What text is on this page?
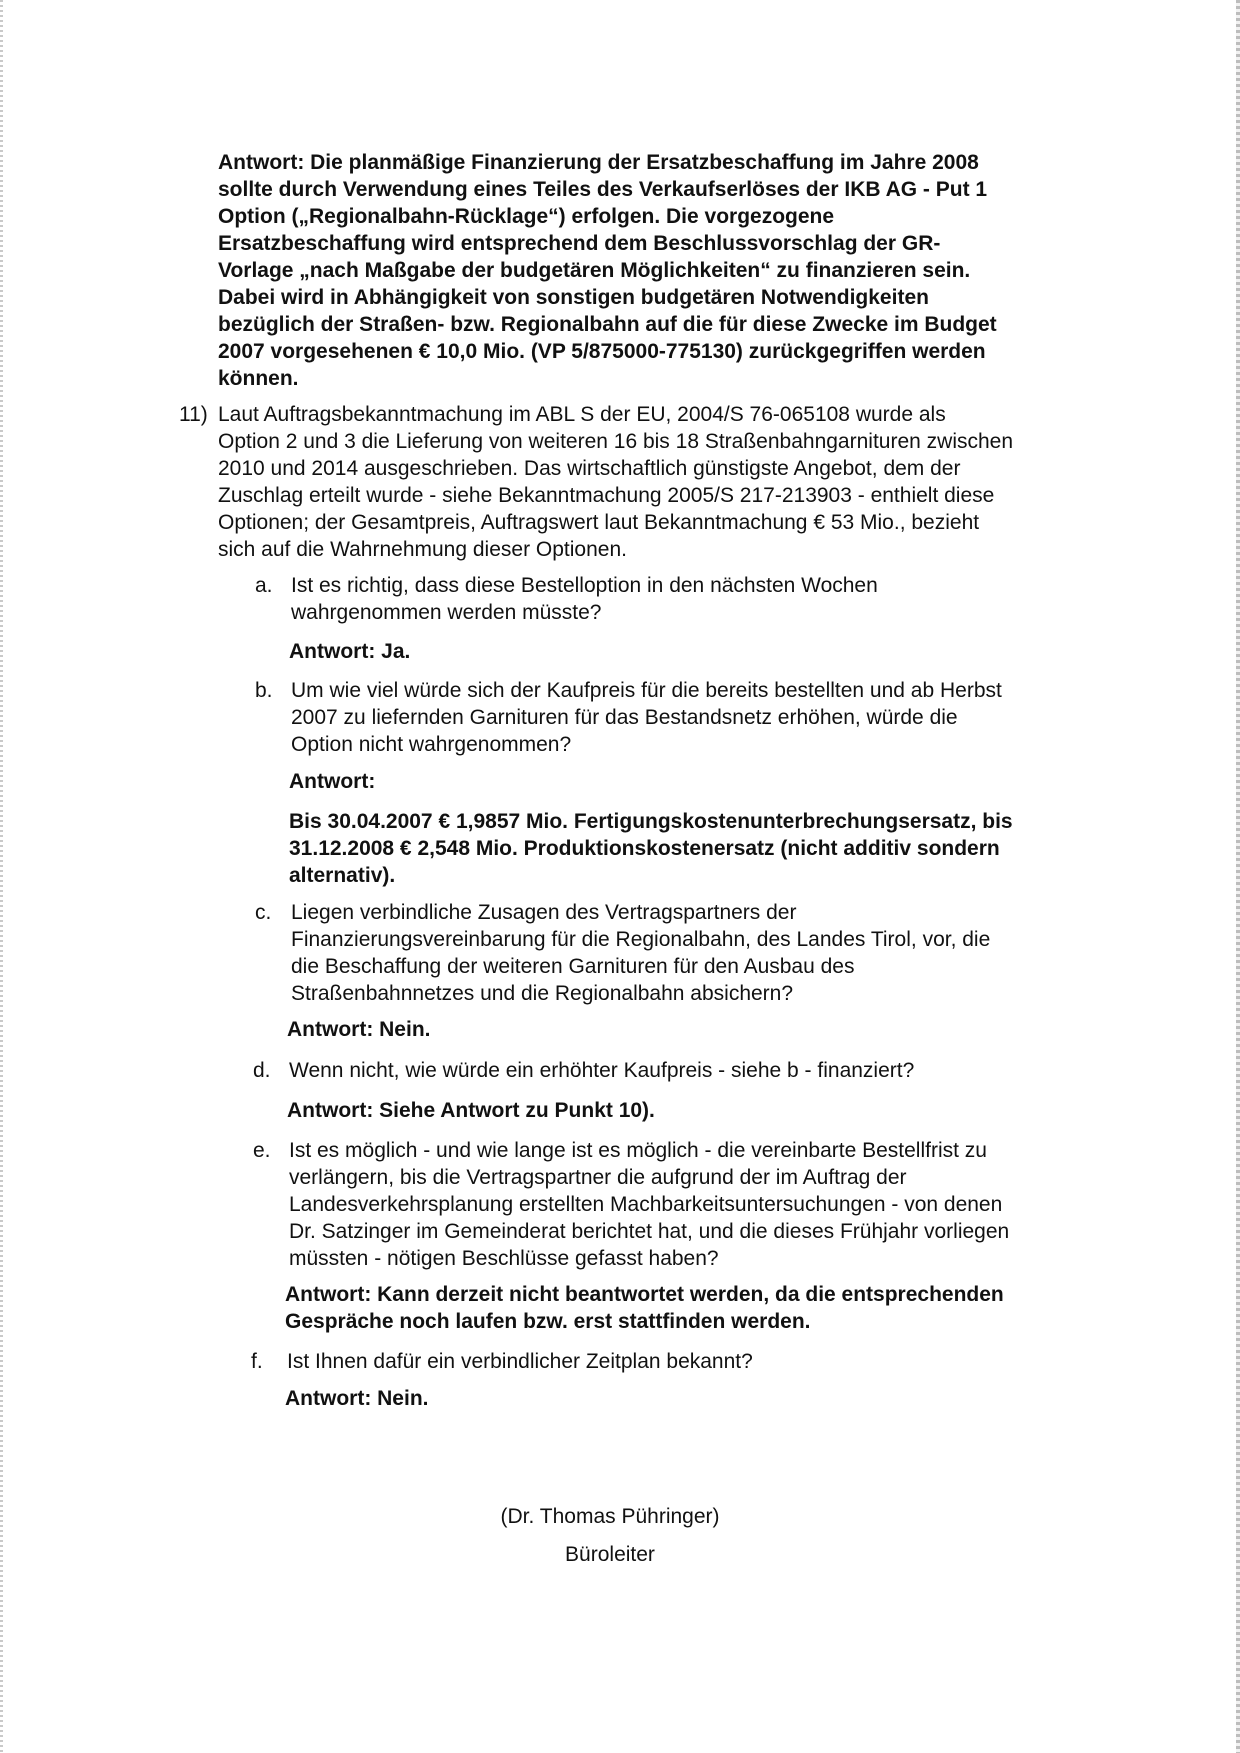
Antwort: Die planmäßige Finanzierung der Ersatzbeschaffung im Jahre 2008
sollte durch Verwendung eines Teiles des Verkaufserlöses der IKB AG - Put 1
Option („Regionalbahn-Rücklage“) erfolgen. Die vorgezogene
Ersatzbeschaffung wird entsprechend dem Beschlussvorschlag der GR-
Vorlage „nach Maßgabe der budgetären Möglichkeiten“ zu finanzieren sein.
Dabei wird in Abhängigkeit von sonstigen budgetären Notwendigkeiten
bezüglich der Straßen- bzw. Regionalbahn auf die für diese Zwecke im Budget
2007 vorgesehenen € 10,0 Mio. (VP 5/875000-775130) zurückgegriffen werden
können.
11) Laut Auftragsbekanntmachung im ABL S der EU, 2004/S 76-065108 wurde als
Option 2 und 3 die Lieferung von weiteren 16 bis 18 Straßenbahngarnituren zwischen
2010 und 2014 ausgeschrieben. Das wirtschaftlich günstigste Angebot, dem der
Zuschlag erteilt wurde - siehe Bekanntmachung 2005/S 217-213903 - enthielt diese
Optionen; der Gesamtpreis, Auftragswert laut Bekanntmachung € 53 Mio., bezieht
sich auf die Wahrnehmung dieser Optionen.
a. Ist es richtig, dass diese Bestelloption in den nächsten Wochen
wahrgenommen werden müsste?
Antwort: Ja.
b. Um wie viel würde sich der Kaufpreis für die bereits bestellten und ab Herbst
2007 zu liefernden Garnituren für das Bestandsnetz erhöhen, würde die
Option nicht wahrgenommen?
Antwort:
Bis 30.04.2007 € 1,9857 Mio. Fertigungskostenunterbrechungsersatz, bis
31.12.2008 € 2,548 Mio. Produktionskostenersatz (nicht additiv sondern
alternativ).
c. Liegen verbindliche Zusagen des Vertragspartners der
Finanzierungsvereinbarung für die Regionalbahn, des Landes Tirol, vor, die
die Beschaffung der weiteren Garnituren für den Ausbau des
Straßenbahnnetzes und die Regionalbahn absichern?
Antwort: Nein.
d. Wenn nicht, wie würde ein erhöhter Kaufpreis - siehe b - finanziert?
Antwort: Siehe Antwort zu Punkt 10).
e. Ist es möglich - und wie lange ist es möglich - die vereinbarte Bestellfrist zu
verlängern, bis die Vertragspartner die aufgrund der im Auftrag der
Landesverkehrsplanung erstellten Machbarkeitsuntersuchungen - von denen
Dr. Satzinger im Gemeinderat berichtet hat, und die dieses Frühjahr vorliegen
müssten - nötigen Beschlüsse gefasst haben?
Antwort: Kann derzeit nicht beantwortet werden, da die entsprechenden
Gespräche noch laufen bzw. erst stattfinden werden.
f. Ist Ihnen dafür ein verbindlicher Zeitplan bekannt?
Antwort: Nein.
(Dr. Thomas Pühringer)
Büroleiter
